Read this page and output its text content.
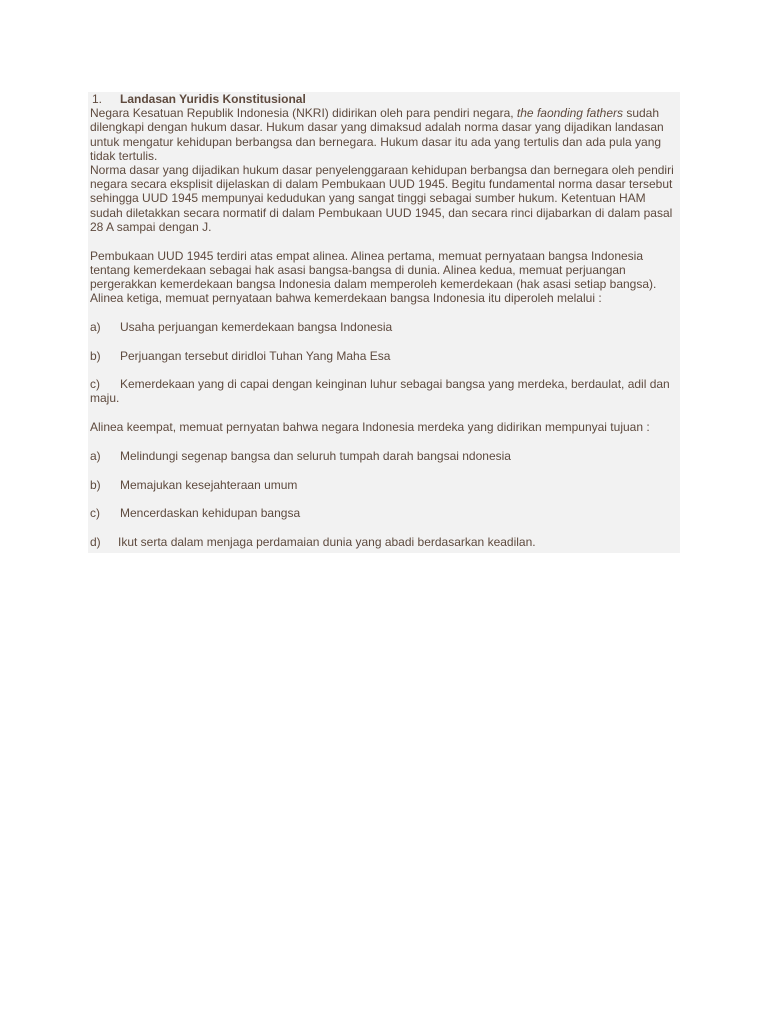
1.	Landasan Yuridis Konstitusional

Negara Kesatuan Republik Indonesia (NKRI) didirikan oleh para pendiri negara, the faonding fathers sudah dilengkapi dengan hukum dasar. Hukum dasar yang dimaksud adalah norma dasar yang dijadikan landasan untuk mengatur kehidupan berbangsa dan bernegara. Hukum dasar itu ada yang tertulis dan ada pula yang tidak tertulis.

Norma dasar yang dijadikan hukum dasar penyelenggaraan kehidupan berbangsa dan bernegara oleh pendiri negara secara eksplisit dijelaskan di dalam Pembukaan UUD 1945. Begitu fundamental norma dasar tersebut sehingga UUD 1945 mempunyai kedudukan yang sangat tinggi sebagai sumber hukum. Ketentuan HAM sudah diletakkan secara normatif di dalam Pembukaan UUD 1945, dan secara rinci dijabarkan di dalam pasal 28 A sampai dengan J.

Pembukaan UUD 1945 terdiri atas empat alinea. Alinea pertama, memuat pernyataan bangsa Indonesia tentang kemerdekaan sebagai hak asasi bangsa-bangsa di dunia. Alinea kedua, memuat perjuangan pergerakkan kemerdekaan bangsa Indonesia dalam memperoleh kemerdekaan (hak asasi setiap bangsa). Alinea ketiga, memuat pernyataan bahwa kemerdekaan bangsa Indonesia itu diperoleh melalui :

a)	Usaha perjuangan kemerdekaan bangsa Indonesia

b)	Perjuangan tersebut diridloi Tuhan Yang Maha Esa

c) Kemerdekaan yang di capai dengan keinginan luhur sebagai bangsa yang merdeka, berdaulat, adil dan maju.

Alinea keempat, memuat pernyatan bahwa negara Indonesia merdeka yang didirikan mempunyai tujuan :

a)	Melindungi segenap bangsa dan seluruh tumpah darah bangsai ndonesia

b)	Memajukan kesejahteraan umum

c)	Mencerdaskan kehidupan bangsa

d)	Ikut serta dalam menjaga perdamaian dunia yang abadi berdasarkan keadilan.
